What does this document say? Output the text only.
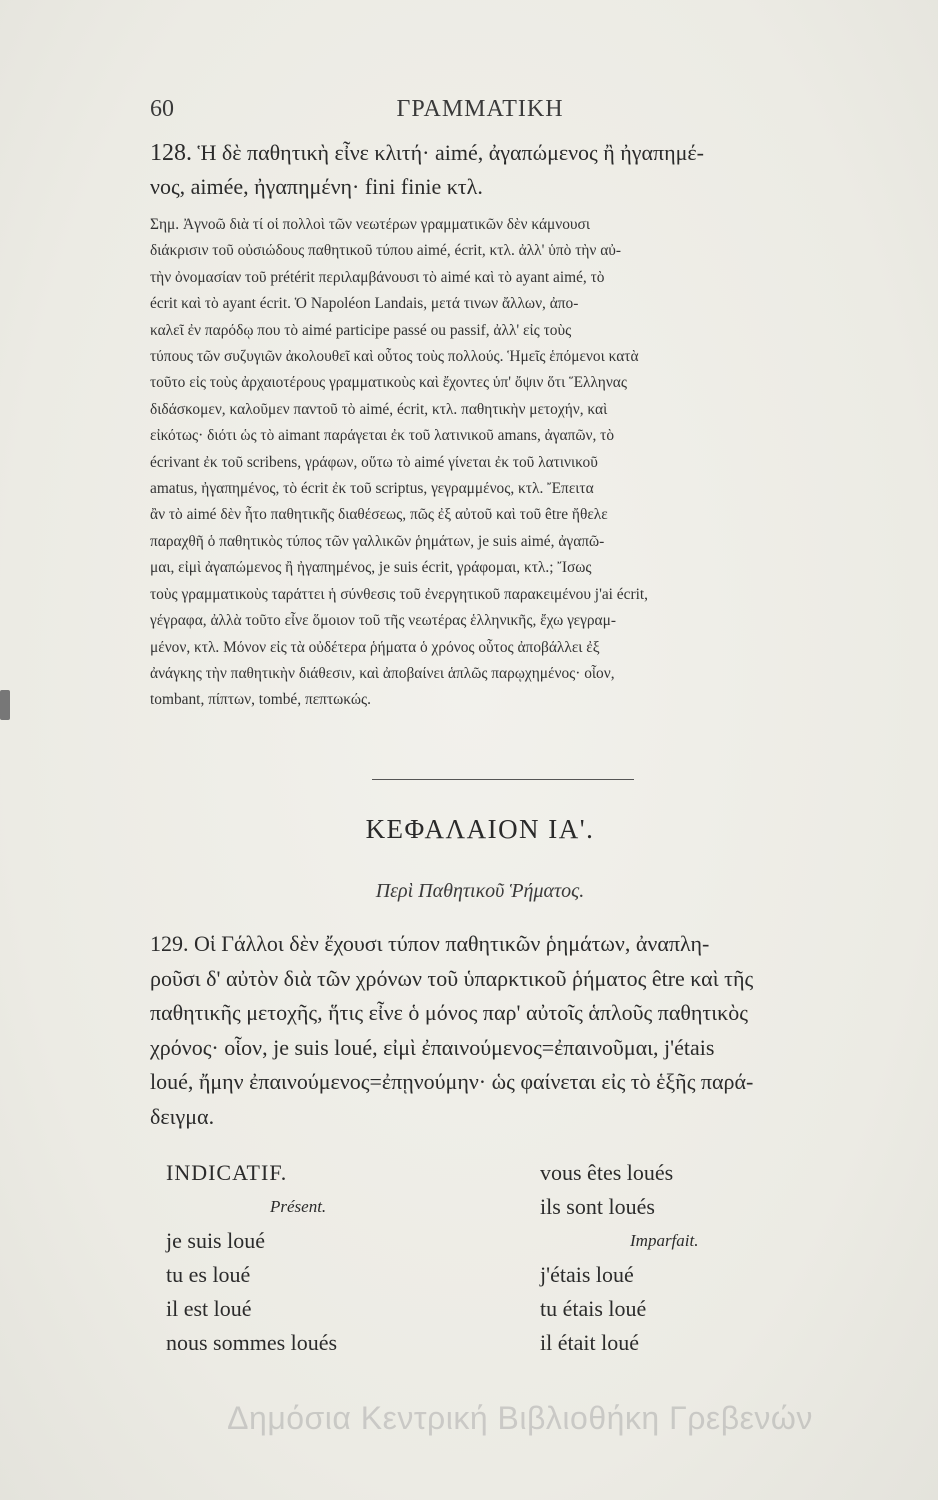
60	ΓΡΑΜΜΑΤΙΚΗ
128. Ἡ δὲ παθητικὴ εἶνε κλιτή· aimé, ἀγαπώμενος ἢ ἠγαπημέ-
νος, aimée, ἠγαπημένη· fini finie κτλ.
Σημ. Ἀγνοῶ διὰ τί οἱ πολλοὶ τῶν νεωτέρων γραμματικῶν δὲν κάμνουσι
διάκρισιν τοῦ οὐσιώδους παθητικοῦ τύπου aimé, écrit, κτλ. ἀλλ' ὑπὸ τὴν αὐ-
τὴν ὀνομασίαν τοῦ prétérit περιλαμβάνουσι τὸ aimé καὶ τὸ ayant aimé, τὸ
écrit καὶ τὸ ayant écrit. Ὁ Napoléon Landais, μετά τινων ἄλλων, ἀπο-
καλεῖ ἐν παρόδῳ που τὸ aimé participe passé ou passif, ἀλλ' εἰς τοὺς
τύπους τῶν συζυγιῶν ἀκολουθεῖ καὶ οὗτος τοὺς πολλούς. Ἡμεῖς ἑπόμενοι κατὰ
τοῦτο εἰς τοὺς ἀρχαιοτέρους γραμματικοὺς καὶ ἔχοντες ὑπ' ὄψιν ὅτι Ἕλληνας
διδάσκομεν, καλοῦμεν παντοῦ τὸ aimé, écrit, κτλ. παθητικὴν μετοχήν, καὶ
εἰκότως· διότι ὡς τὸ aimant παράγεται ἐκ τοῦ λατινικοῦ amans, ἀγαπῶν, τὸ
écrivant ἐκ τοῦ scribens, γράφων, οὕτω τὸ aimé γίνεται ἐκ τοῦ λατινικοῦ
amatus, ἠγαπημένος, τὸ écrit ἐκ τοῦ scriptus, γεγραμμένος, κτλ. Ἔπειτα
ἂν τὸ aimé δὲν ἦτο παθητικῆς διαθέσεως, πῶς ἐξ αὐτοῦ καὶ τοῦ être ἤθελε
παραχθῆ ὁ παθητικὸς τύπος τῶν γαλλικῶν ῥημάτων, je suis aimé, ἀγαπῶ-
μαι, εἰμὶ ἀγαπώμενος ἢ ἠγαπημένος, je suis écrit, γράφομαι, κτλ.; Ἴσως
τοὺς γραμματικοὺς ταράττει ἡ σύνθεσις τοῦ ἐνεργητικοῦ παρακειμένου j'ai écrit,
γέγραφα, ἀλλὰ τοῦτο εἶνε ὅμοιον τοῦ τῆς νεωτέρας ἑλληνικῆς, ἔχω γεγραμ-
μένον, κτλ. Μόνον εἰς τὰ οὐδέτερα ῥήματα ὁ χρόνος οὗτος ἀποβάλλει ἐξ
ἀνάγκης τὴν παθητικὴν διάθεσιν, καὶ ἀποβαίνει ἁπλῶς παρῳχημένος· οἷον,
tombant, πίπτων, tombé, πεπτωκώς.
ΚΕΦΑΛΑΙΟΝ ΙΑ'.
Περὶ Παθητικοῦ Ῥήματος.
129. Οἱ Γάλλοι δὲν ἔχουσι τύπον παθητικῶν ῥημάτων, ἀναπλη-
ροῦσι δ' αὐτὸν διὰ τῶν χρόνων τοῦ ὑπαρκτικοῦ ῥήματος être καὶ τῆς
παθητικῆς μετοχῆς, ἥτις εἶνε ὁ μόνος παρ' αὐτοῖς ἁπλοῦς παθητικὸς
χρόνος· οἷον, je suis loué, εἰμὶ ἐπαινούμενος=ἐπαινοῦμαι, j'étais
loué, ἤμην ἐπαινούμενος=ἐπῃνούμην· ὡς φαίνεται εἰς τὸ ἑξῆς παρά-
δειγμα.
INDICATIF.
Présent.
je suis loué
tu es loué
il est loué
nous sommes loués
vous êtes loués
ils sont loués
Imparfait.
j'étais loué
tu étais loué
il était loué
Δημόσια Κεντρική Βιβλιοθήκη Γρεβενών
